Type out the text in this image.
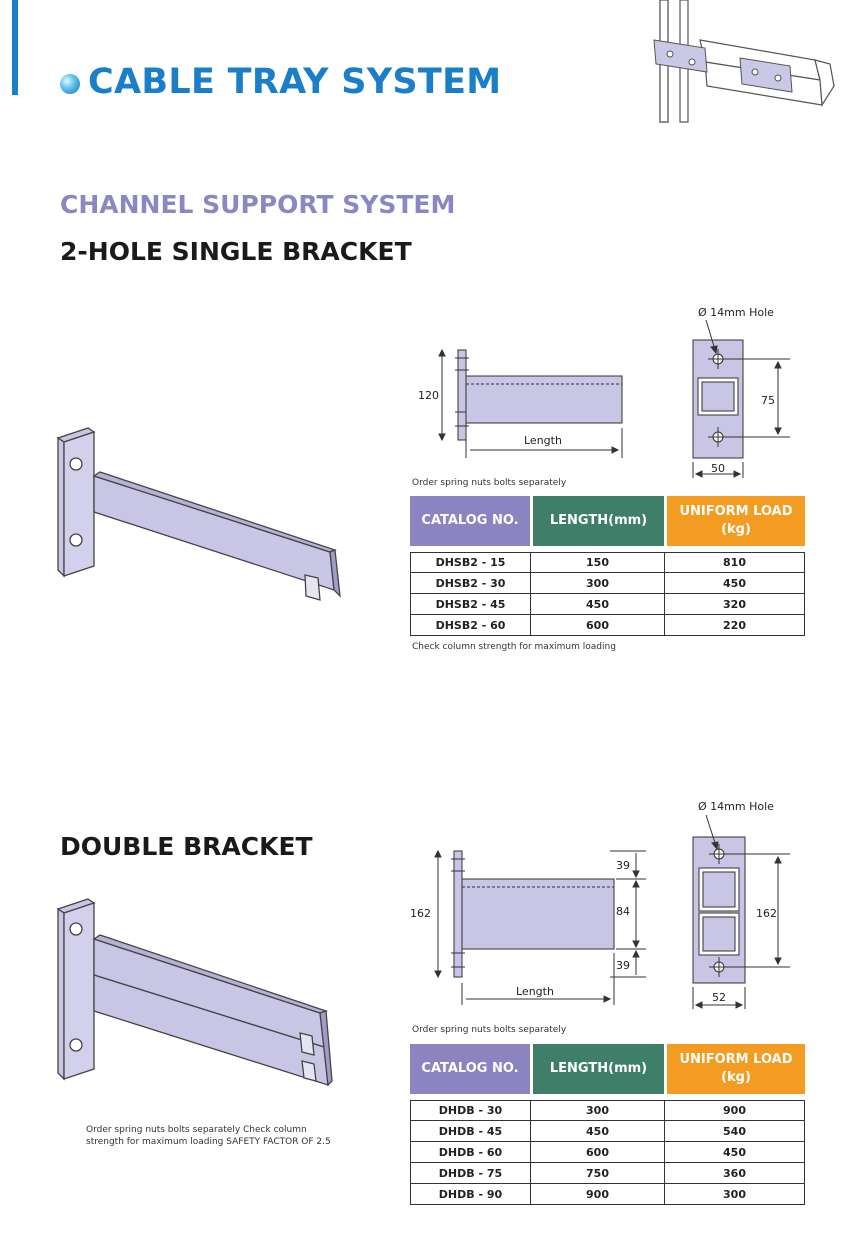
CABLE TRAY SYSTEM
CHANNEL SUPPORT SYSTEM
2-HOLE SINGLE BRACKET
120
Length
Ø 14mm Hole
75
50
Order spring nuts bolts separately
CATALOG NO.		LENGTH(mm)		UNIFORM LOAD (kg)

DHSB2 - 15	150		810	
DHSB2 - 30	300		450	
DHSB2 - 45	450		320	
DHSB2 - 60	600		220	
Check column strength for maximum loading
DOUBLE BRACKET
Order spring nuts bolts separately Check column strength for maximum loading SAFETY FACTOR OF 2.5
162
39
84
39
Length
Ø 14mm Hole
162
52
Order spring nuts bolts separately
CATALOG NO.		LENGTH(mm)		UNIFORM LOAD (kg)

DHDB - 30	300		900	
DHDB - 45	450		540	
DHDB - 60	600		450	
DHDB - 75	750		360	
DHDB - 90	900		300	
